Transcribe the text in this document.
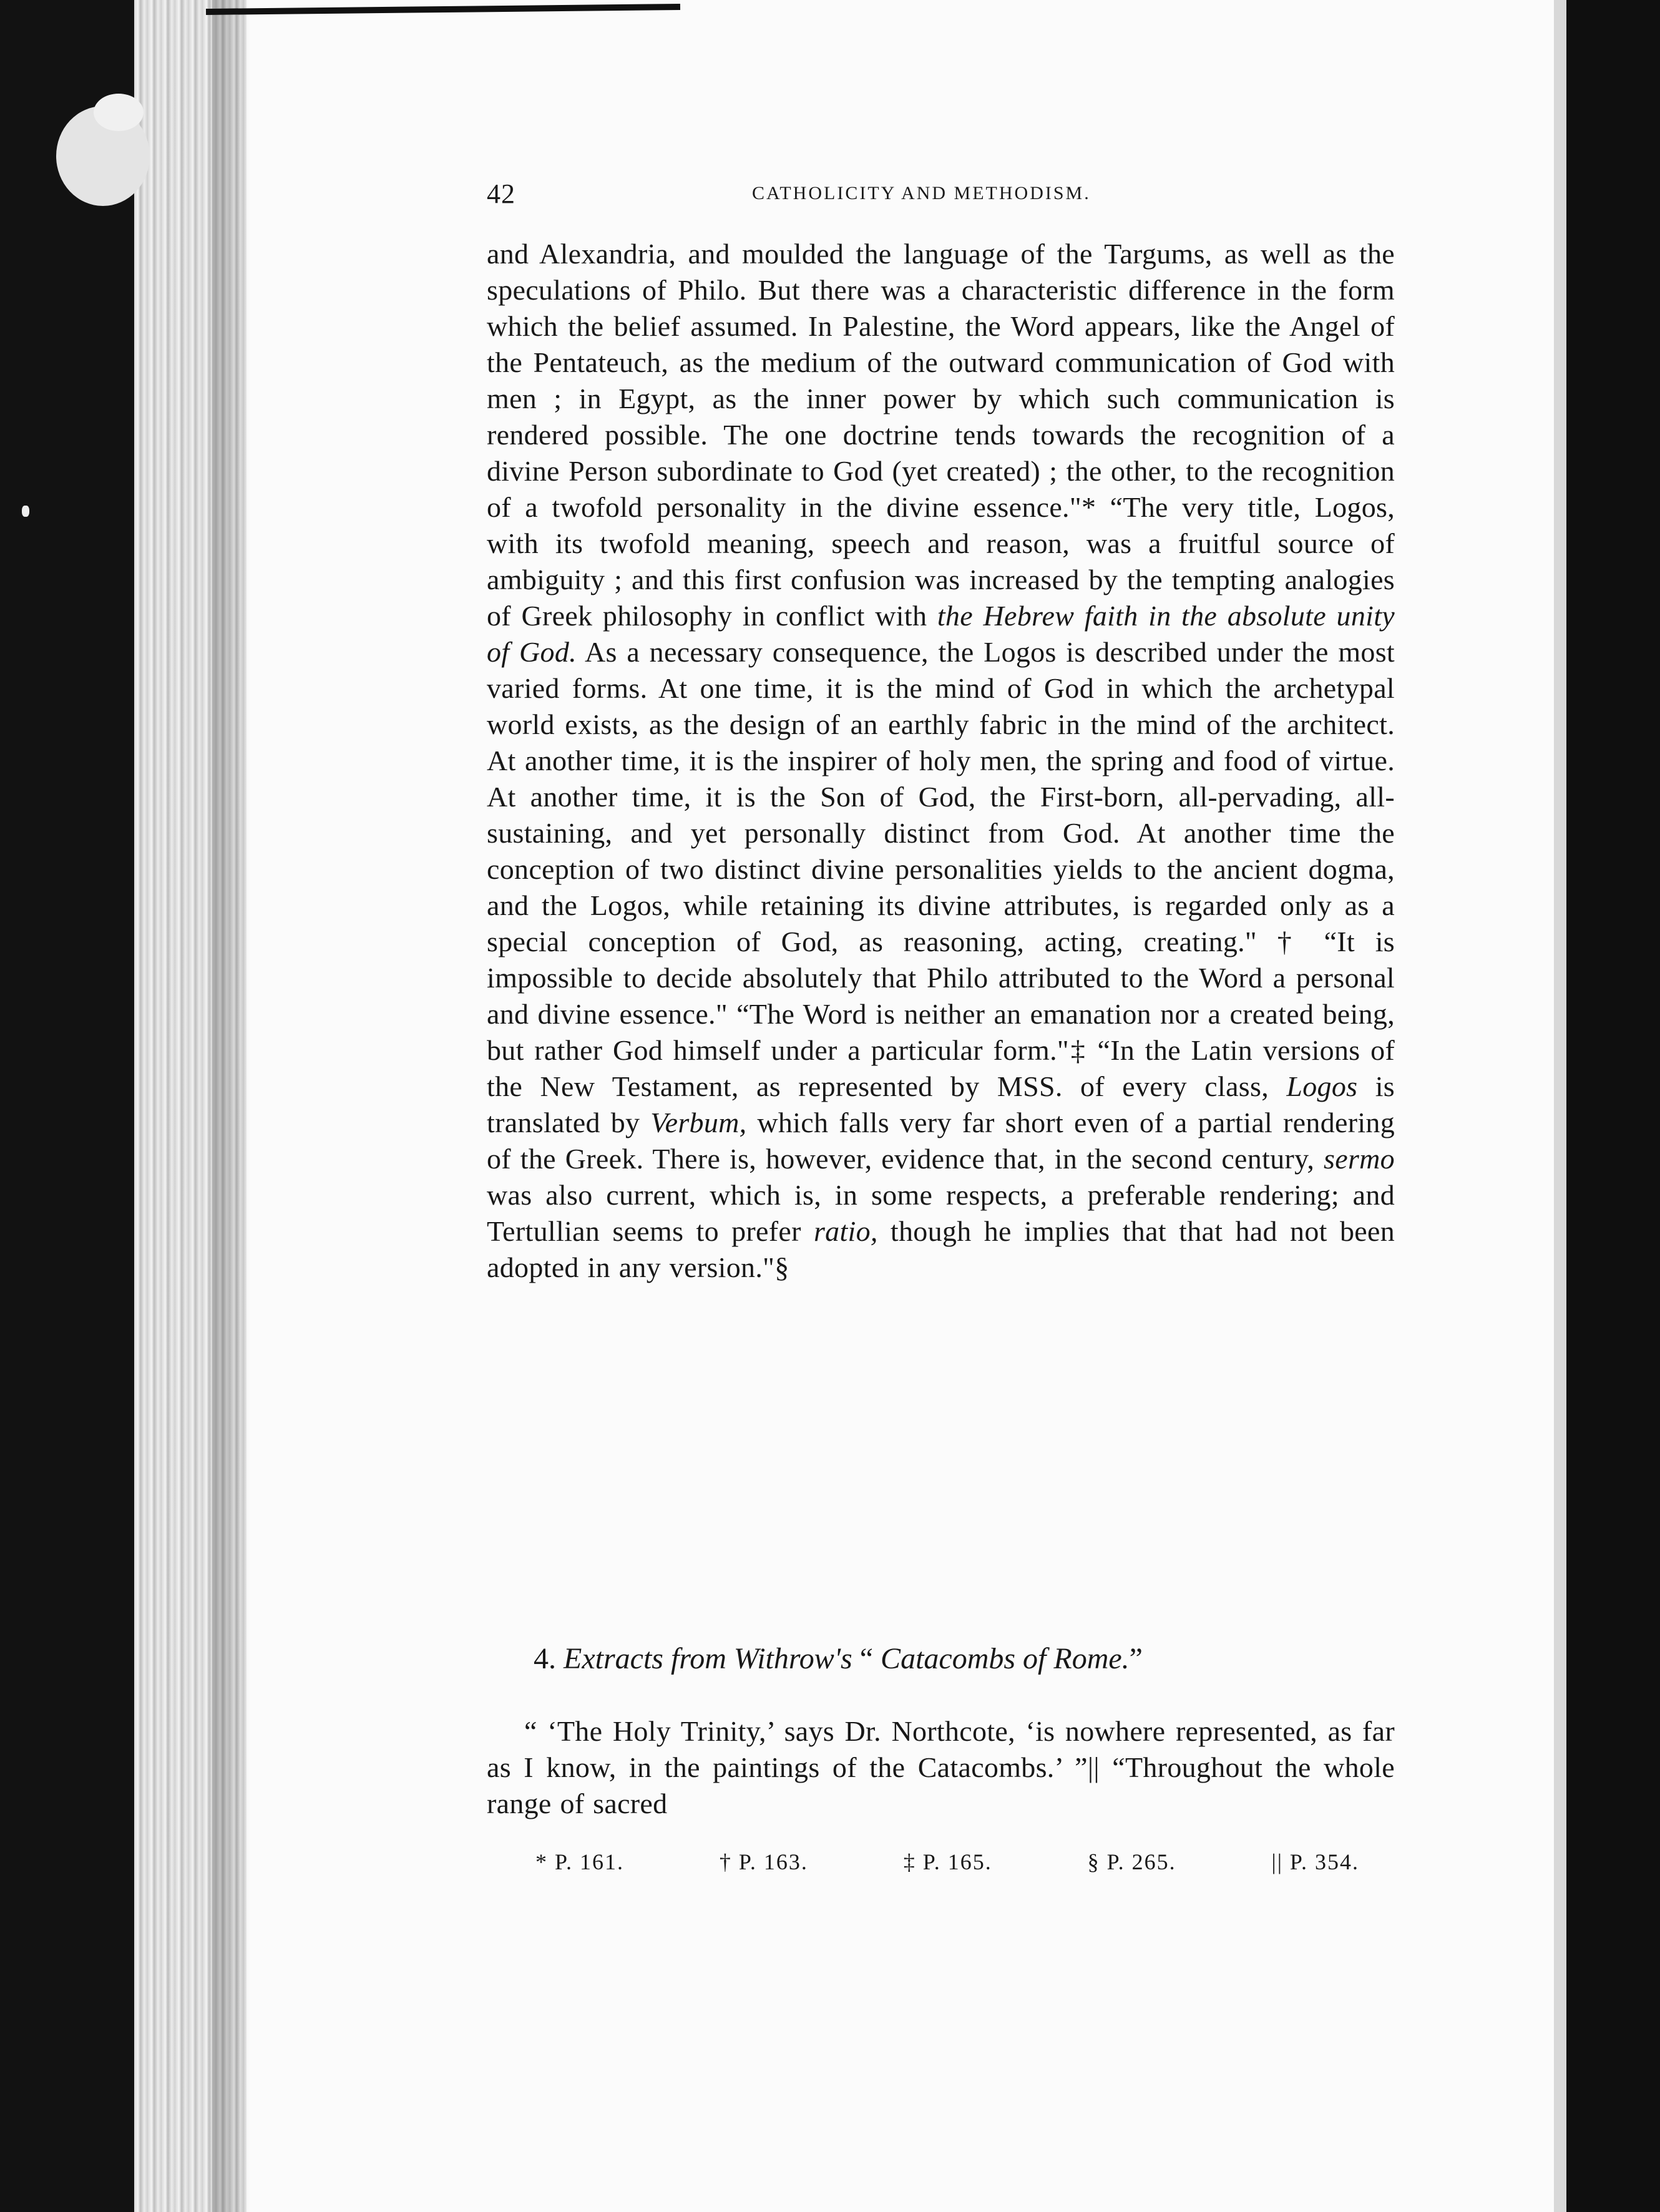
42	CATHOLICITY AND METHODISM.
and Alexandria, and moulded the language of the Targums, as well as the speculations of Philo. But there was a characteristic difference in the form which the belief assumed. In Palestine, the Word appears, like the Angel of the Pentateuch, as the medium of the outward communication of God with men ; in Egypt, as the inner power by which such communication is rendered possible. The one doctrine tends towards the recognition of a divine Person subordinate to God (yet created) ; the other, to the recognition of a twofold personality in the divine essence."* “The very title, Logos, with its twofold meaning, speech and reason, was a fruitful source of ambiguity ; and this first confusion was increased by the tempting analogies of Greek philosophy in conflict with the Hebrew faith in the absolute unity of God. As a necessary consequence, the Logos is described under the most varied forms. At one time, it is the mind of God in which the archetypal world exists, as the design of an earthly fabric in the mind of the architect. At another time, it is the inspirer of holy men, the spring and food of virtue. At another time, it is the Son of God, the First-born, all-pervading, all-sustaining, and yet personally distinct from God. At another time the conception of two distinct divine personalities yields to the ancient dogma, and the Logos, while retaining its divine attributes, is regarded only as a special conception of God, as reasoning, acting, creating." † “It is impossible to decide absolutely that Philo attributed to the Word a personal and divine essence." “The Word is neither an emanation nor a created being, but rather God himself under a particular form."‡ “In the Latin versions of the New Testament, as represented by MSS. of every class, Logos is translated by Verbum, which falls very far short even of a partial rendering of the Greek. There is, however, evidence that, in the second century, sermo was also current, which is, in some respects, a preferable rendering; and Tertullian seems to prefer ratio, though he implies that that had not been adopted in any version."§
4. Extracts from Withrow's “ Catacombs of Rome.”
“ ‘The Holy Trinity,’ says Dr. Northcote, ‘is nowhere represented, as far as I know, in the paintings of the Catacombs.’ ”|| “Throughout the whole range of sacred
* P. 161.	† P. 163.	‡ P. 165.	§ P. 265.	|| P. 354.
